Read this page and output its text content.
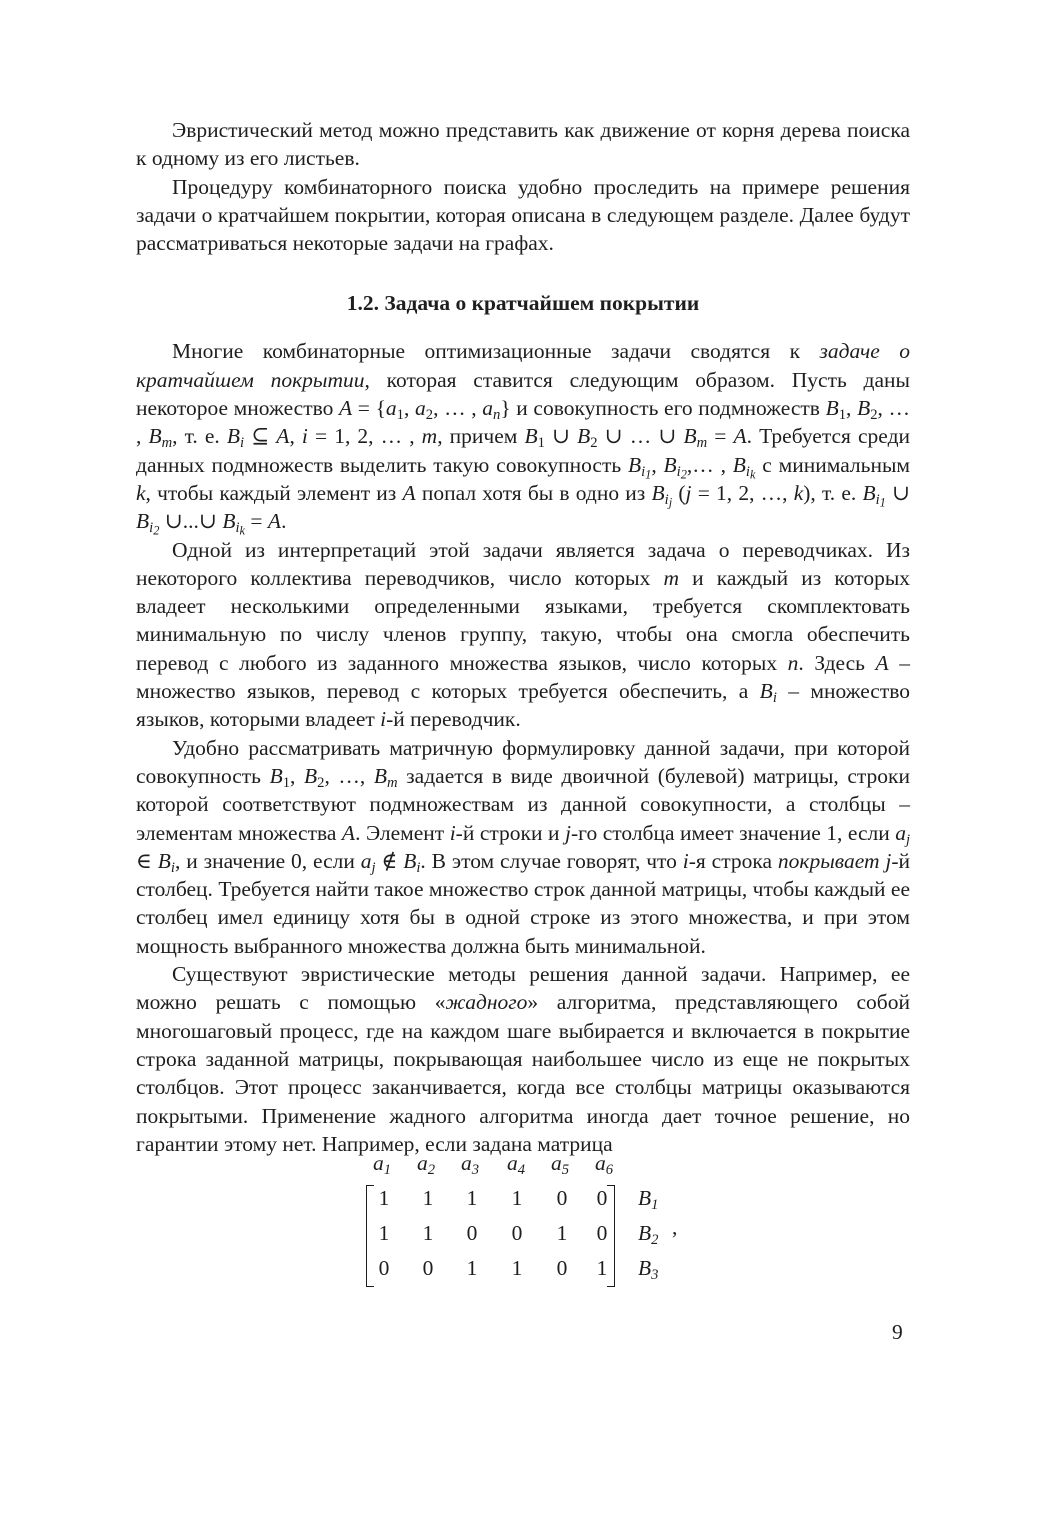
Эвристический метод можно представить как движение от корня дерева поиска к одному из его листьев.

Процедуру комбинаторного поиска удобно проследить на примере решения задачи о кратчайшем покрытии, которая описана в следующем разделе. Далее будут рассматриваться некоторые задачи на графах.

1.2. Задача о кратчайшем покрытии

Многие комбинаторные оптимизационные задачи сводятся к задаче о кратчайшем покрытии, которая ставится следующим образом. Пусть даны некоторое множество $A = \{a_1$, $a_2$, … , $a_n$} и совокупность его подмножеств $B_1$, $B_2$, … , $B_m$, т. е. $B_i$ ⊆ A, i = 1, 2, … , m, причем $B_1$ ∪ $B_2$ ∪ … ∪ $B_m = A$. Требуется среди данных подмножеств выделить такую совокупность $B_{i_1}$, $B_{i_2},\dots$ , $B_{i_k}$ с минимальным k, чтобы каждый элемент из A попал хотя бы в одно из $B_{i_j}$ (j = 1, 2, …, k), т. е. $B_{i_1}$ ∪ $B_{i_2}$ ∪...∪ $B_{i_k} = A$.

Одной из интерпретаций этой задачи является задача о переводчиках. Из некоторого коллектива переводчиков, число которых m и каждый из которых владеет несколькими определенными языками, требуется скомплектовать минимальную по числу членов группу, такую, чтобы она смогла обеспечить перевод с любого из заданного множества языков, число которых n. Здесь A – множество языков, перевод с которых требуется обеспечить, а $B_i$ – множество языков, которыми владеет i-й переводчик.

Удобно рассматривать матричную формулировку данной задачи, при которой совокупность $B_1$, $B_2$, …, $B_m$ задается в виде двоичной (булевой) матрицы, строки которой соответствуют подмножествам из данной совокупности, а столбцы – элементам множества A. Элемент i-й строки и j-го столбца имеет значение 1, если $a_j$ ∈ $B_i$, и значение 0, если $a_j$ ∉ $B_i$. В этом случае говорят, что i-я строка покрывает j-й столбец. Требуется найти такое множество строк данной матрицы, чтобы каждый ее столбец имел единицу хотя бы в одной строке из этого множества, и при этом мощность выбранного множества должна быть минимальной.

Существуют эвристические методы решения данной задачи. Например, ее можно решать с помощью «жадного» алгоритма, представляющего собой многошаговый процесс, где на каждом шаге выбирается и включается в покрытие строка заданной матрицы, покрывающая наибольшее число из еще не покрытых столбцов. Этот процесс заканчивается, когда все столбцы матрицы оказываются покрытыми. Применение жадного алгоритма иногда дает точное решение, но гарантии этому нет. Например, если задана матрица

$a_1$	$a_2$	$a_3$	$a_4$	$a_5$	$a_6$
1	1	1	1	0	0	$B_1$
1	1	0	0	1	0	$B_2$
,
0	0	1	1	0	1	$B_3$
9
